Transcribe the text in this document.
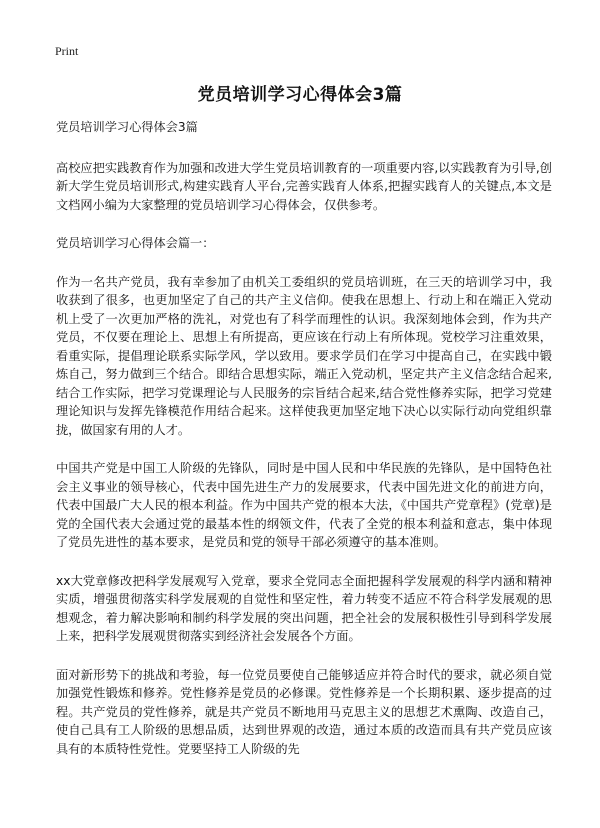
Print
党员培训学习心得体会3篇

党员培训学习心得体会3篇

高校应把实践教育作为加强和改进大学生党员培训教育的一项重要内容,以实践教育为引导,创新大学生党员培训形式,构建实践育人平台,完善实践育人体系,把握实践育人的关键点,本文是文档网小编为大家整理的党员培训学习心得体会，仅供参考。

党员培训学习心得体会篇一：

作为一名共产党员，我有幸参加了由机关工委组织的党员培训班，在三天的培训学习中，我收获到了很多，也更加坚定了自己的共产主义信仰。使我在思想上、行动上和在端正入党动机上受了一次更加严格的洗礼，对党也有了科学而理性的认识。我深刻地体会到，作为共产党员，不仅要在理论上、思想上有所提高，更应该在行动上有所体现。党校学习注重效果，看重实际，提倡理论联系实际学风，学以致用。要求学员们在学习中提高自己，在实践中锻炼自己，努力做到三个结合。即结合思想实际，端正入党动机，坚定共产主义信念结合起来,结合工作实际，把学习党课理论与人民服务的宗旨结合起来,结合党性修养实际，把学习党建理论知识与发挥先锋模范作用结合起来。这样使我更加坚定地下决心以实际行动向党组织靠拢，做国家有用的人才。

中国共产党是中国工人阶级的先锋队，同时是中国人民和中华民族的先锋队，是中国特色社会主义事业的领导核心，代表中国先进生产力的发展要求，代表中国先进文化的前进方向，代表中国最广大人民的根本利益。作为中国共产党的根本大法，《中国共产党章程》(党章)是党的全国代表大会通过党的最基本性的纲领文件，代表了全党的根本利益和意志，集中体现了党员先进性的基本要求，是党员和党的领导干部必须遵守的基本准则。

xx大党章修改把科学发展观写入党章，要求全党同志全面把握科学发展观的科学内涵和精神实质，增强贯彻落实科学发展观的自觉性和坚定性，着力转变不适应不符合科学发展观的思想观念，着力解决影响和制约科学发展的突出问题，把全社会的发展积极性引导到科学发展上来，把科学发展观贯彻落实到经济社会发展各个方面。

面对新形势下的挑战和考验，每一位党员要使自己能够适应并符合时代的要求，就必须自觉加强党性锻炼和修养。党性修养是党员的必修课。党性修养是一个长期积累、逐步提高的过程。共产党员的党性修养，就是共产党员不断地用马克思主义的思想艺术熏陶、改造自己，使自己具有工人阶级的思想品质，达到世界观的改造，通过本质的改造而具有共产党员应该具有的本质特性党性。党要坚持工人阶级的先
